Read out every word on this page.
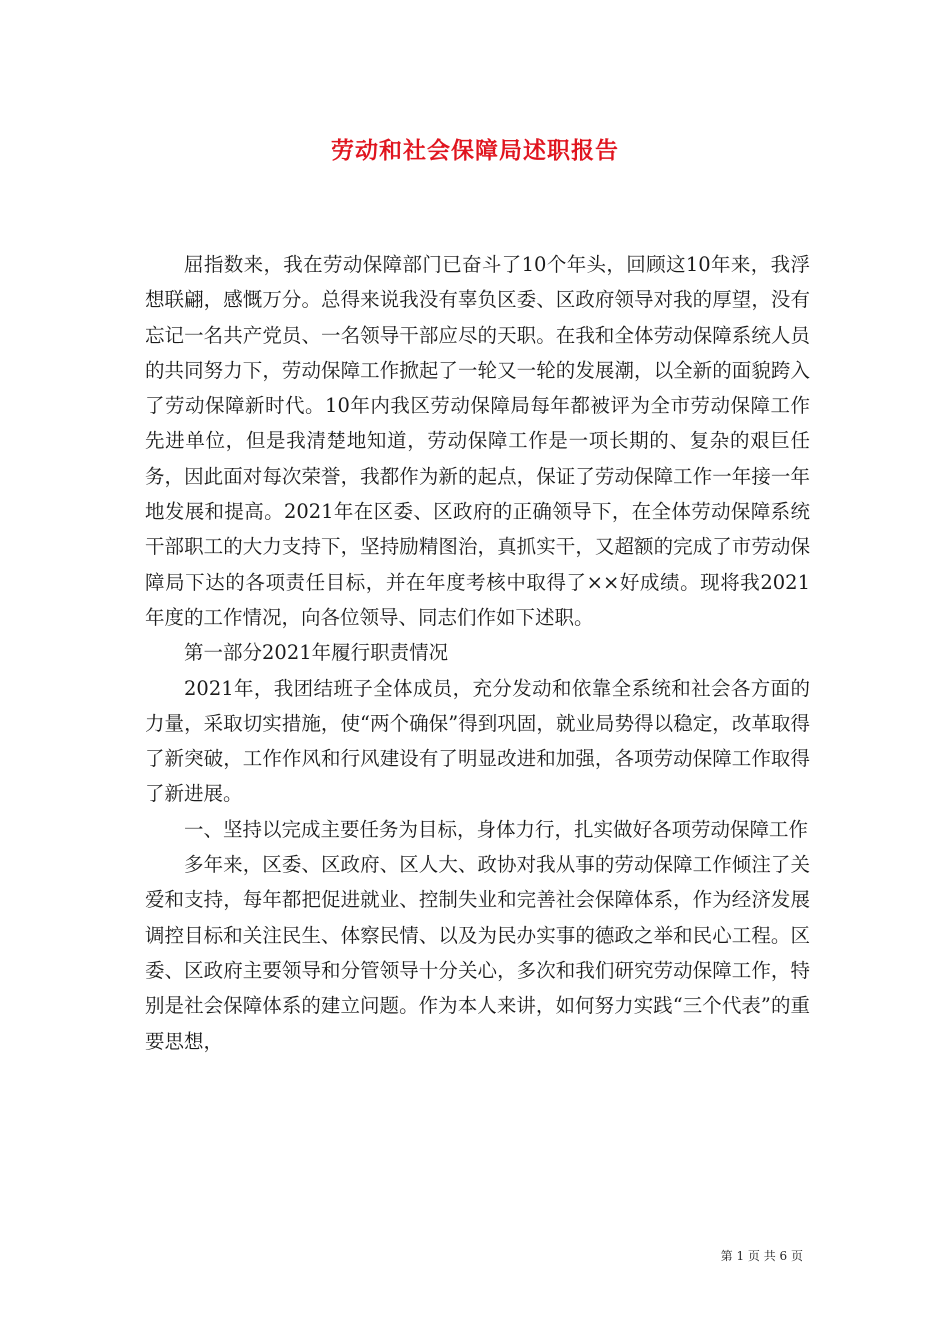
劳动和社会保障局述职报告

屈指数来，我在劳动保障部门已奋斗了10个年头，回顾这10年来，我浮想联翩，感慨万分。总得来说我没有辜负区委、区政府领导对我的厚望，没有忘记一名共产党员、一名领导干部应尽的天职。在我和全体劳动保障系统人员的共同努力下，劳动保障工作掀起了一轮又一轮的发展潮，以全新的面貌跨入了劳动保障新时代。10年内我区劳动保障局每年都被评为全市劳动保障工作先进单位，但是我清楚地知道，劳动保障工作是一项长期的、复杂的艰巨任务，因此面对每次荣誉，我都作为新的起点，保证了劳动保障工作一年接一年地发展和提高。2021年在区委、区政府的正确领导下，在全体劳动保障系统干部职工的大力支持下，坚持励精图治，真抓实干，又超额的完成了市劳动保障局下达的各项责任目标，并在年度考核中取得了××好成绩。现将我2021年度的工作情况，向各位领导、同志们作如下述职。

第一部分2021年履行职责情况

2021年，我团结班子全体成员，充分发动和依靠全系统和社会各方面的力量，采取切实措施，使“两个确保”得到巩固，就业局势得以稳定，改革取得了新突破，工作作风和行风建设有了明显改进和加强，各项劳动保障工作取得了新进展。

一、坚持以完成主要任务为目标，身体力行，扎实做好各项劳动保障工作

多年来，区委、区政府、区人大、政协对我从事的劳动保障工作倾注了关爱和支持，每年都把促进就业、控制失业和完善社会保障体系，作为经济发展调控目标和关注民生、体察民情、以及为民办实事的德政之举和民心工程。区委、区政府主要领导和分管领导十分关心，多次和我们研究劳动保障工作，特别是社会保障体系的建立问题。作为本人来讲，如何努力实践“三个代表”的重要思想，

第 1 页 共 6 页
